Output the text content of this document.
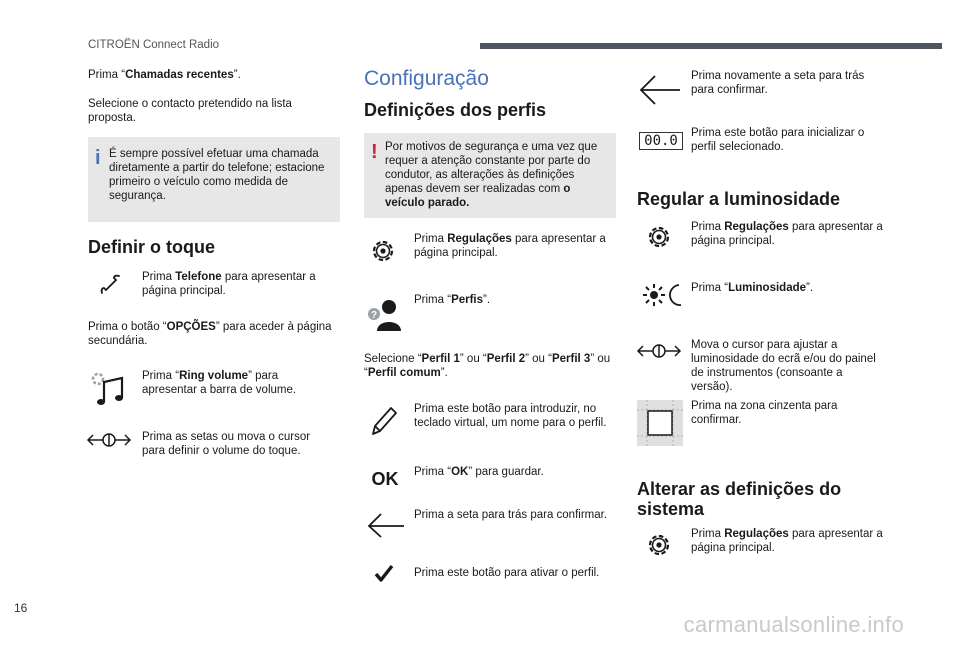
CITROËN Connect Radio

Prima “Chamadas recentes”.

Selecione o contacto pretendido na lista proposta.

i É sempre possível efetuar uma chamada diretamente a partir do telefone; estacione primeiro o veículo como medida de segurança.

Definir o toque

Prima Telefone para apresentar a página principal.

Prima o botão “OPÇÕES” para aceder à página secundária.

Prima “Ring volume” para apresentar a barra de volume.

Prima as setas ou mova o cursor para definir o volume do toque.

Configuração
Definições dos perfis
! Por motivos de segurança e uma vez que requer a atenção constante por parte do condutor, as alterações às definições apenas devem ser realizadas com o veículo parado.

Prima Regulações para apresentar a página principal.

?

Prima “Perfis”.

Selecione “Perfil 1” ou “Perfil 2” ou “Perfil 3” ou “Perfil comum”.

Prima este botão para introduzir, no teclado virtual, um nome para o perfil.

OK	Prima “OK” para guardar.

Prima a seta para trás para confirmar.

Prima este botão para ativar o perfil.

Prima novamente a seta para trás para confirmar.

00.0	Prima este botão para inicializar o perfil selecionado.

Regular a luminosidade

Prima Regulações para apresentar a página principal.

Prima “Luminosidade”.

Mova o cursor para ajustar a luminosidade do ecrã e/ou do painel de instrumentos (consoante a versão).

Prima na zona cinzenta para confirmar.

Alterar as definições do sistema

Prima Regulações para apresentar a página principal.

16
carmanualsonline.info
